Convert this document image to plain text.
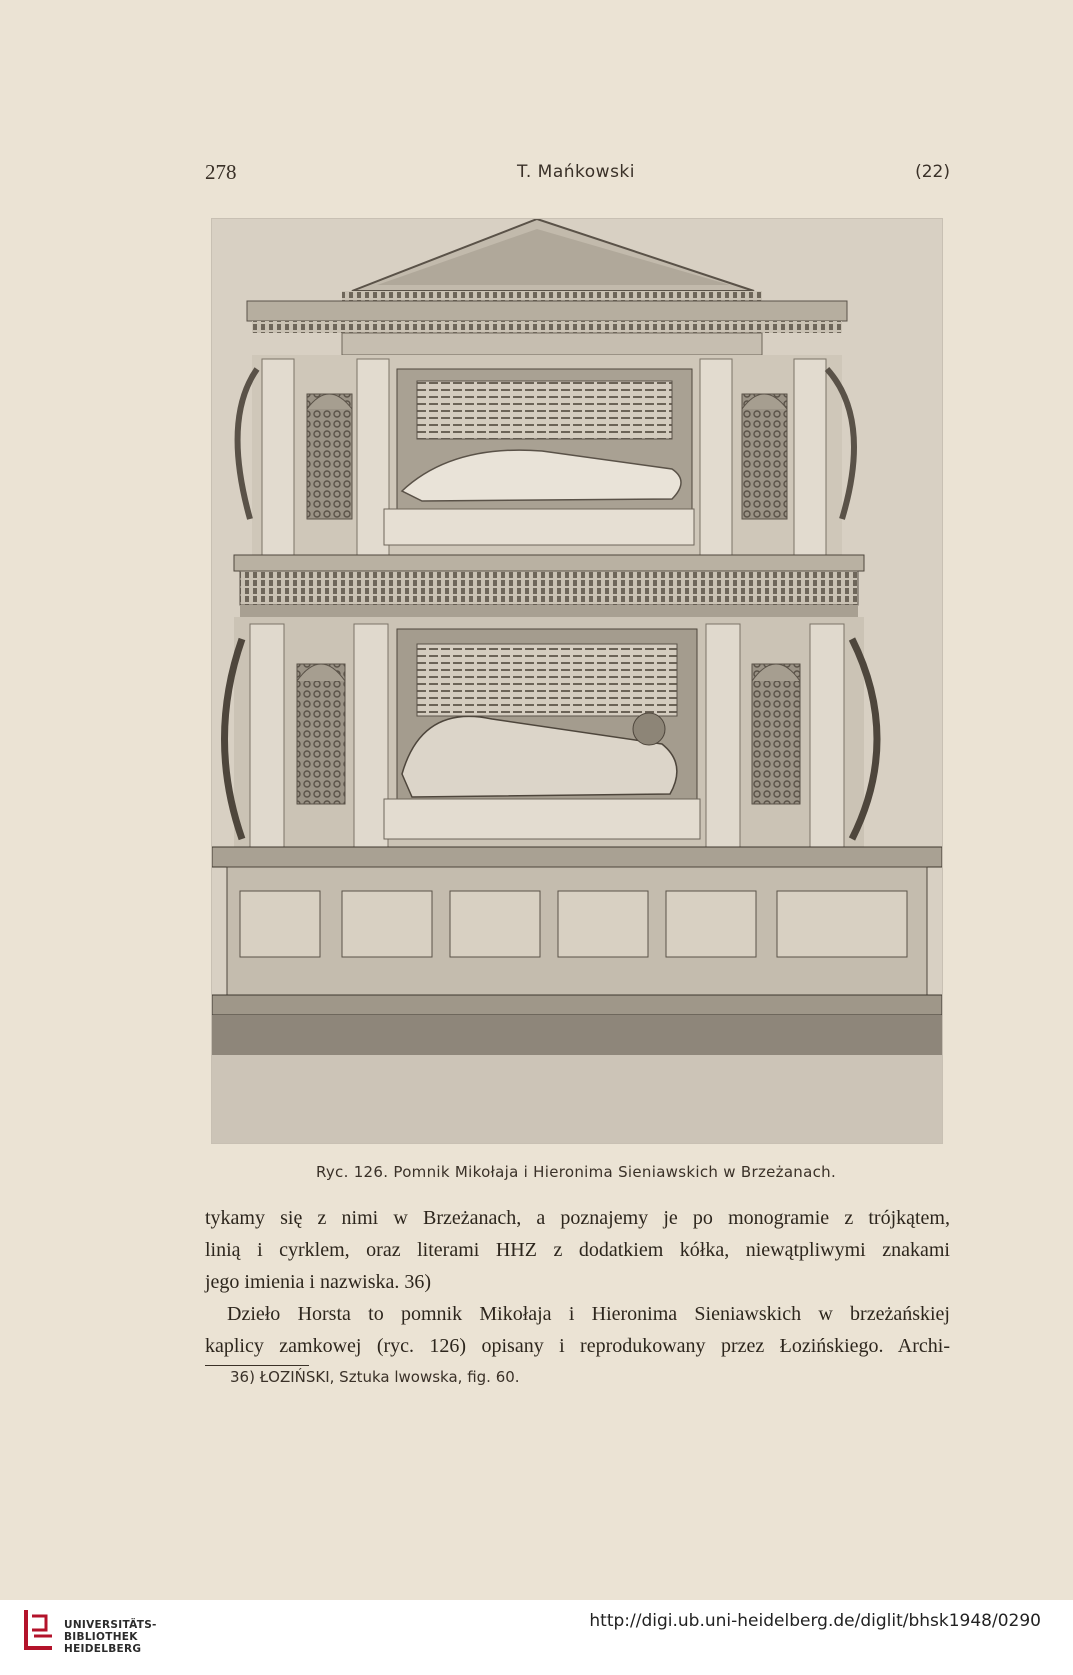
278	T. Mańkowski	(22)
Ryc. 126. Pomnik Mikołaja i Hieronima Sieniawskich w Brzeżanach.
tykamy się z nimi w Brzeżanach, a poznajemy je po monogramie z trójkątem,
linią i cyrklem, oraz literami HHZ z dodatkiem kółka, niewątpliwymi znakami
jego imienia i nazwiska. 36)
Dzieło Horsta to pomnik Mikołaja i Hieronima Sieniawskich w brzeżańskiej
kaplicy zamkowej (ryc. 126) opisany i reprodukowany przez Łozińskiego. Archi-
36) ŁOZIŃSKI, Sztuka lwowska, fig. 60.
UNIVERSITÄTS-
BIBLIOTHEK
HEIDELBERG
http://digi.ub.uni-heidelberg.de/diglit/bhsk1948/0290
